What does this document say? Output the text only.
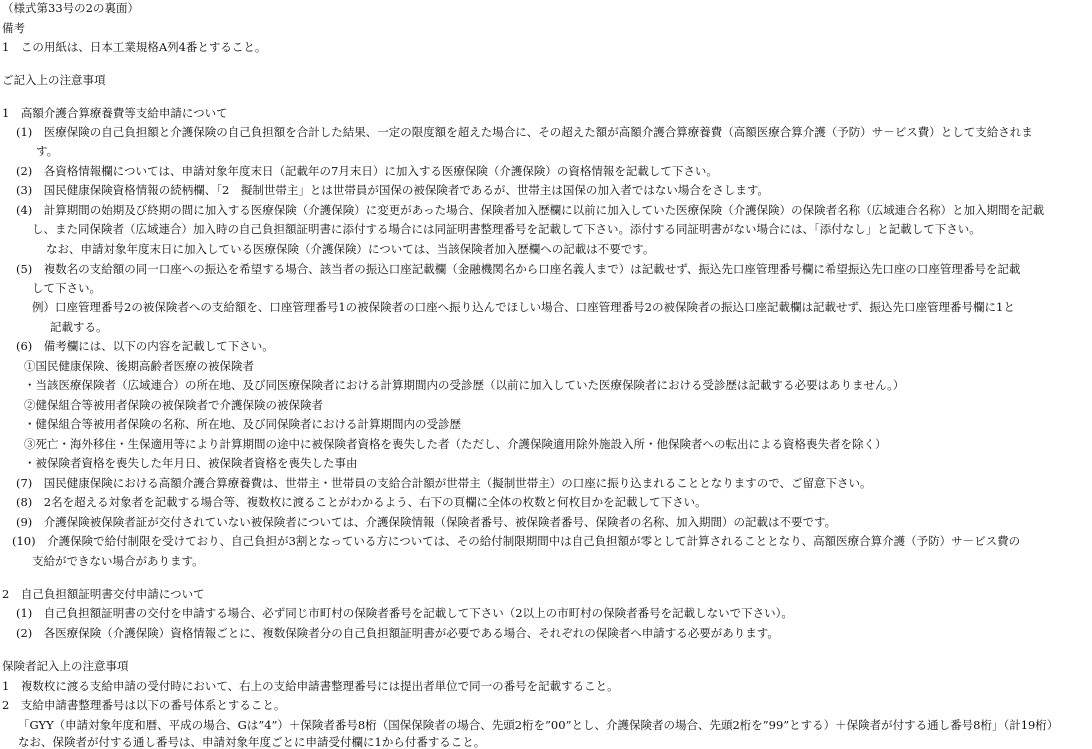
（様式第33号の2の裏面）
備考
1　この用紙は、日本工業規格A列4番とすること。
ご記入上の注意事項
1　高額介護合算療養費等支給申請について
(1)　医療保険の自己負担額と介護保険の自己負担額を合計した結果、一定の限度額を超えた場合に、その超えた額が高額介護合算療養費（高額医療合算介護（予防）サ－ビス費）として支給されま
す。
(2)　各資格情報欄については、申請対象年度末日（記載年の7月末日）に加入する医療保険（介護保険）の資格情報を記載して下さい。
(3)　国民健康保険資格情報の続柄欄、「2　擬制世帯主」とは世帯員が国保の被保険者であるが、世帯主は国保の加入者ではない場合をさします。
(4)　計算期間の始期及び終期の間に加入する医療保険（介護保険）に変更があった場合、保険者加入歴欄に以前に加入していた医療保険（介護保険）の保険者名称（広域連合名称）と加入期間を記載
し、また同保険者（広域連合）加入時の自己負担額証明書に添付する場合には同証明書整理番号を記載して下さい。添付する同証明書がない場合には、「添付なし」と記載して下さい。
なお、申請対象年度末日に加入している医療保険（介護保険）については、当該保険者加入歴欄への記載は不要です。
(5)　複数名の支給額の同一口座への振込を希望する場合、該当者の振込口座記載欄（金融機関名から口座名義人まで）は記載せず、振込先口座管理番号欄に希望振込先口座の口座管理番号を記載
して下さい。
例）口座管理番号2の被保険者への支給額を、口座管理番号1の被保険者の口座へ振り込んでほしい場合、口座管理番号2の被保険者の振込口座記載欄は記載せず、振込先口座管理番号欄に1と
記載する。
(6)　備考欄には、以下の内容を記載して下さい。
①国民健康保険、後期高齢者医療の被保険者
・当該医療保険者（広域連合）の所在地、及び同医療保険者における計算期間内の受診歴（以前に加入していた医療保険者における受診歴は記載する必要はありません。）
②健保組合等被用者保険の被保険者で介護保険の被保険者
・健保組合等被用者保険の名称、所在地、及び同保険者における計算期間内の受診歴
③死亡・海外移住・生保適用等により計算期間の途中に被保険者資格を喪失した者（ただし、介護保険適用除外施設入所・他保険者への転出による資格喪失者を除く）
・被保険者資格を喪失した年月日、被保険者資格を喪失した事由
(7)　国民健康保険における高額介護合算療養費は、世帯主・世帯員の支給合計額が世帯主（擬制世帯主）の口座に振り込まれることとなりますので、ご留意下さい。
(8)　2名を超える対象者を記載する場合等、複数枚に渡ることがわかるよう、右下の頁欄に全体の枚数と何枚目かを記載して下さい。
(9)　介護保険被保険者証が交付されていない被保険者については、介護保険情報（保険者番号、被保険者番号、保険者の名称、加入期間）の記載は不要です。
(10)　介護保険で給付制限を受けており、自己負担が3割となっている方については、その給付制限期間中は自己負担額が零として計算されることとなり、高額医療合算介護（予防）サ－ビス費の
支給ができない場合があります。
2　自己負担額証明書交付申請について
(1)　自己負担額証明書の交付を申請する場合、必ず同じ市町村の保険者番号を記載して下さい（2以上の市町村の保険者番号を記載しないで下さい）。
(2)　各医療保険（介護保険）資格情報ごとに、複数保険者分の自己負担額証明書が必要である場合、それぞれの保険者へ申請する必要があります。
保険者記入上の注意事項
1　複数枚に渡る支給申請の受付時において、右上の支給申請書整理番号には提出者単位で同一の番号を記載すること。
2　支給申請書整理番号は以下の番号体系とすること。
「GYY（申請対象年度和暦、平成の場合、Gは”4”）＋保険者番号8桁（国保保険者の場合、先頭2桁を”00”とし、介護保険者の場合、先頭2桁を”99”とする）＋保険者が付する通し番号8桁」（計19桁）
なお、保険者が付する通し番号は、申請対象年度ごとに申請受付欄に1から付番すること。
